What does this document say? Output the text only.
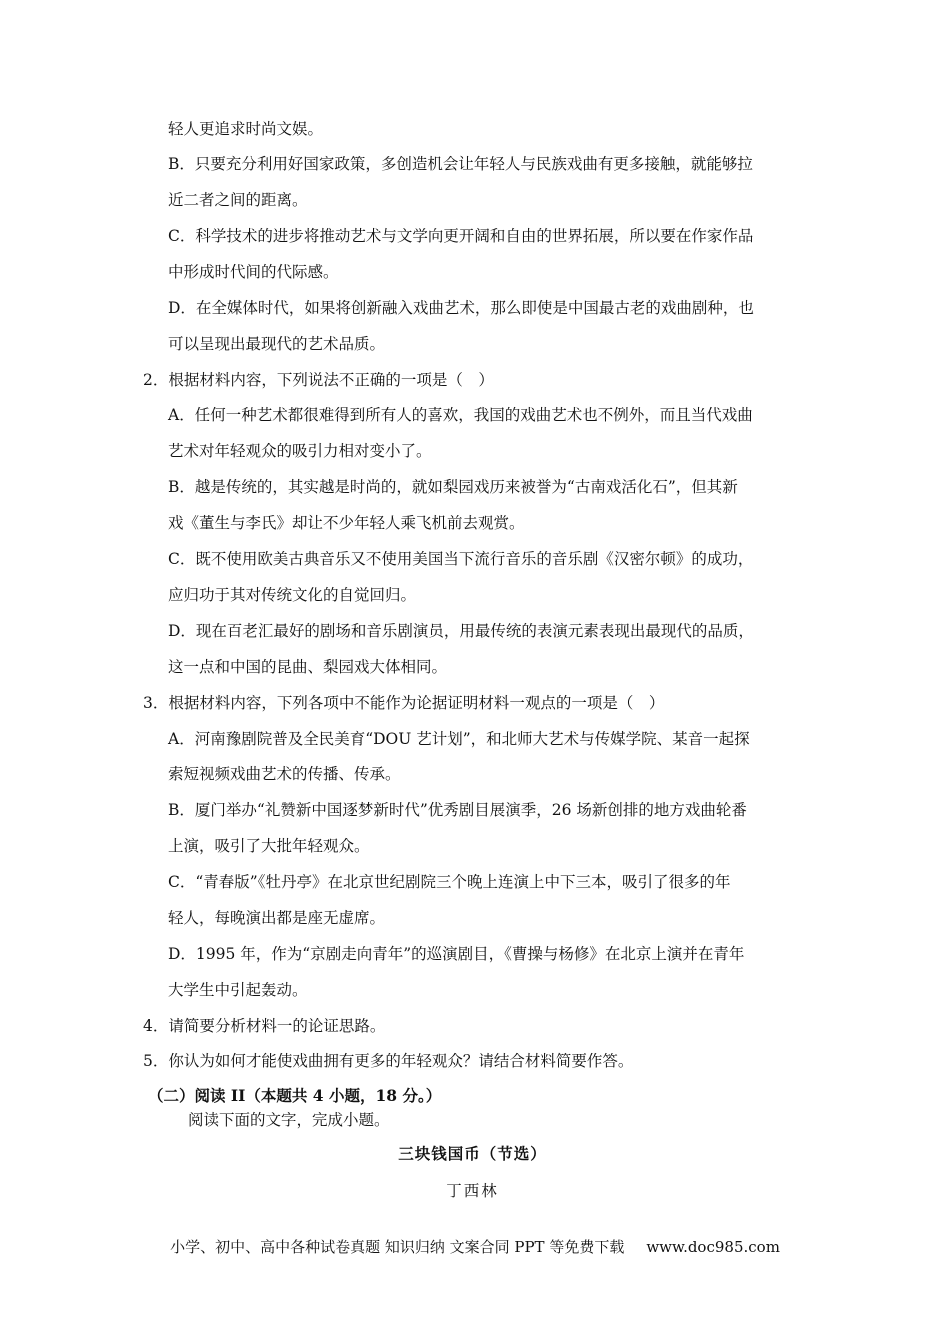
轻人更追求时尚文娱。
B．只要充分利用好国家政策，多创造机会让年轻人与民族戏曲有更多接触，就能够拉
近二者之间的距离。
C．科学技术的进步将推动艺术与文学向更开阔和自由的世界拓展，所以要在作家作品
中形成时代间的代际感。
D．在全媒体时代，如果将创新融入戏曲艺术，那么即使是中国最古老的戏曲剧种，也
可以呈现出最现代的艺术品质。
2．根据材料内容，下列说法不正确的一项是（　）
A．任何一种艺术都很难得到所有人的喜欢，我国的戏曲艺术也不例外，而且当代戏曲
艺术对年轻观众的吸引力相对变小了。
B．越是传统的，其实越是时尚的，就如梨园戏历来被誉为“古南戏活化石”，但其新
戏《董生与李氏》却让不少年轻人乘飞机前去观赏。
C．既不使用欧美古典音乐又不使用美国当下流行音乐的音乐剧《汉密尔顿》的成功，
应归功于其对传统文化的自觉回归。
D．现在百老汇最好的剧场和音乐剧演员，用最传统的表演元素表现出最现代的品质，
这一点和中国的昆曲、梨园戏大体相同。
3．根据材料内容，下列各项中不能作为论据证明材料一观点的一项是（　）
A．河南豫剧院普及全民美育“DOU 艺计划”，和北师大艺术与传媒学院、某音一起探
索短视频戏曲艺术的传播、传承。
B．厦门举办“礼赞新中国逐梦新时代”优秀剧目展演季，26 场新创排的地方戏曲轮番
上演，吸引了大批年轻观众。
C．“青春版”《牡丹亭》在北京世纪剧院三个晚上连演上中下三本，吸引了很多的年
轻人，每晚演出都是座无虚席。
D．1995 年，作为“京剧走向青年”的巡演剧目，《曹操与杨修》在北京上演并在青年
大学生中引起轰动。
4．请简要分析材料一的论证思路。
5．你认为如何才能使戏曲拥有更多的年轻观众？请结合材料简要作答。
（二）阅读 II（本题共 4 小题，18 分。）
阅读下面的文字，完成小题。
三块钱国币（节选）
丁西林
小学、初中、高中各种试卷真题 知识归纳 文案合同 PPT 等免费下载 www.doc985.com
